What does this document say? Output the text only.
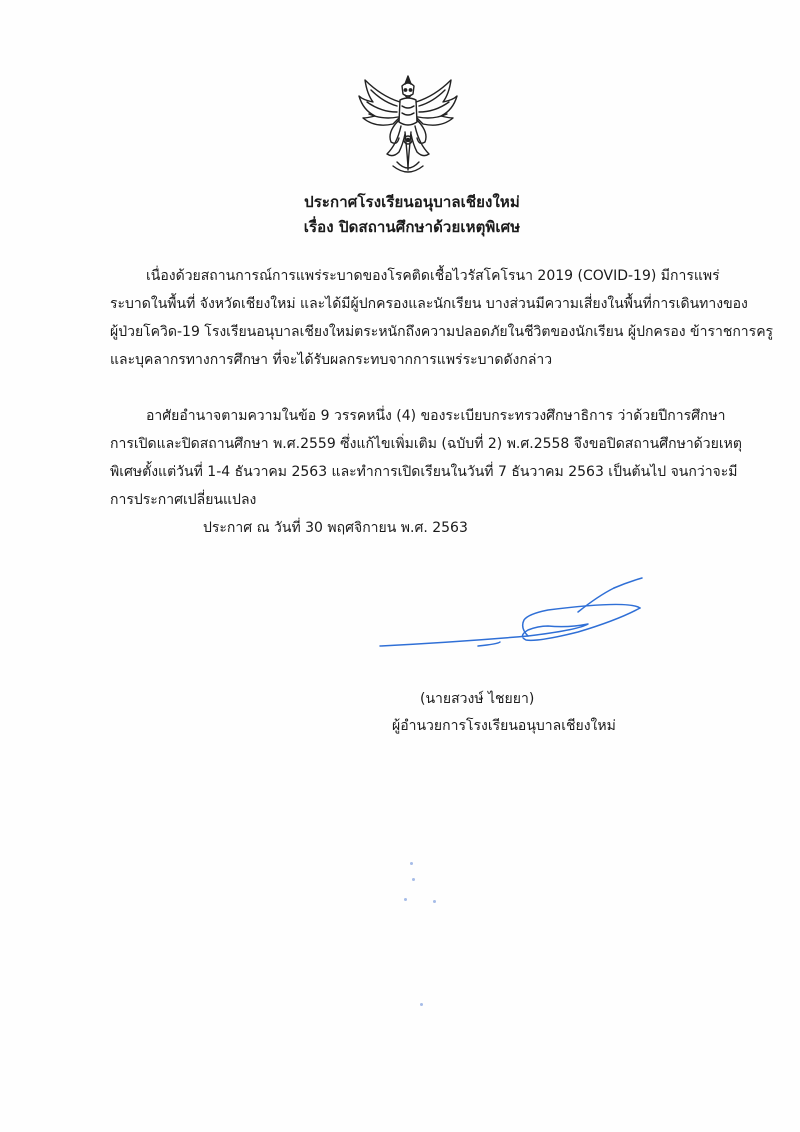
ประกาศโรงเรียนอนุบาลเชียงใหม่
เรื่อง ปิดสถานศึกษาด้วยเหตุพิเศษ
เนื่องด้วยสถานการณ์การแพร่ระบาดของโรคติดเชื้อไวรัสโคโรนา 2019 (COVID-19) มีการแพร่
ระบาดในพื้นที่ จังหวัดเชียงใหม่ และได้มีผู้ปกครองและนักเรียน บางส่วนมีความเสี่ยงในพื้นที่การเดินทางของ
ผู้ป่วยโควิด-19 โรงเรียนอนุบาลเชียงใหม่ตระหนักถึงความปลอดภัยในชีวิตของนักเรียน ผู้ปกครอง ข้าราชการครู
และบุคลากรทางการศึกษา ที่จะได้รับผลกระทบจากการแพร่ระบาดดังกล่าว
อาศัยอำนาจตามความในข้อ 9 วรรคหนึ่ง (4) ของระเบียบกระทรวงศึกษาธิการ ว่าด้วยปีการศึกษา
การเปิดและปิดสถานศึกษา พ.ศ.2559 ซึ่งแก้ไขเพิ่มเติม (ฉบับที่ 2) พ.ศ.2558 จึงขอปิดสถานศึกษาด้วยเหตุ
พิเศษตั้งแต่วันที่ 1-4 ธันวาคม 2563 และทำการเปิดเรียนในวันที่ 7 ธันวาคม 2563 เป็นต้นไป จนกว่าจะมี
การประกาศเปลี่ยนแปลง
ประกาศ ณ วันที่ 30 พฤศจิกายน พ.ศ. 2563
(นายสวงษ์ ไชยยา)
ผู้อำนวยการโรงเรียนอนุบาลเชียงใหม่
